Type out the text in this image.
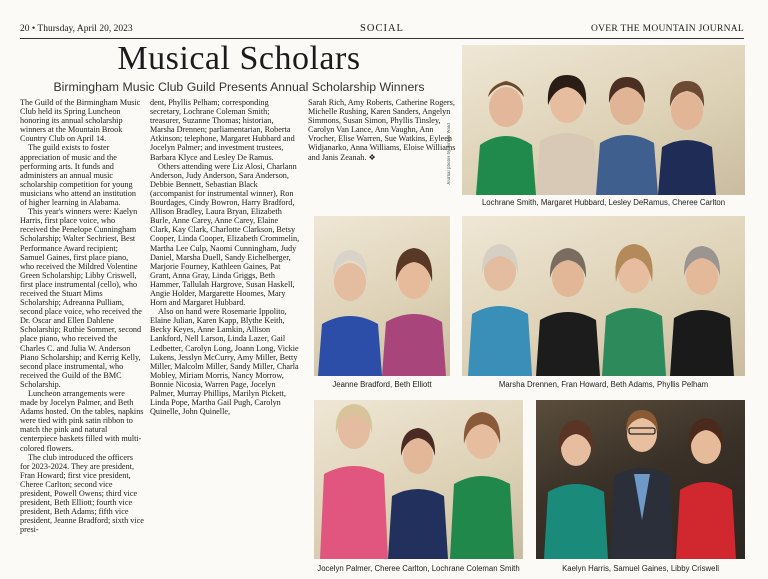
20 • Thursday, April 20, 2023	SOCIAL	OVER THE MOUNTAIN JOURNAL
Musical Scholars
Birmingham Music Club Guild Presents Annual Scholarship Winners

The Guild of the Birmingham Music Club held its Spring Luncheon honoring its annual scholarship winners at the Mountain Brook Country Club on April 14.

The guild exists to foster appreciation of music and the performing arts. It funds and administers an annual music scholarship competition for young musicians who attend an institution of higher learning in Alabama.

This year's winners were: Kaelyn Harris, first place voice, who received the Penelope Cunningham Scholarship; Walter Sechriest, Best Performance Award recipient; Samuel Gaines, first place piano, who received the Mildred Volentine Green Scholarship; Libby Criswell, first place instrumental (cello), who received the Stuart Mims Scholarship; Adreanna Pulliam, second place voice, who received the Dr. Oscar and Ellen Dahlene Scholarship; Ruthie Sommer, second place piano, who received the Charles C. and Julia W. Anderson Piano Scholarship; and Kerrig Kelly, second place instrumental, who received the Guild of the BMC Scholarship.

Luncheon arrangements were made by Jocelyn Palmer, and Beth Adams hosted. On the tables, napkins were tied with pink satin ribbon to match the pink and natural centerpiece baskets filled with multi-colored flowers.

The club introduced the officers for 2023-2024. They are president, Fran Howard; first vice president, Cheree Carlton; second vice president, Powell Owens; third vice president, Beth Elliott; fourth vice president, Beth Adams; fifth vice president, Jeanne Bradford; sixth vice presi-

dent, Phyllis Pelham; corresponding secretary, Lochrane Coleman Smith; treasurer, Suzanne Thomas; historian, Marsha Drennen; parliamentarian, Roberta Atkinson; telephone, Margaret Hubbard and Jocelyn Palmer; and investment trustees, Barbara Klyce and Lesley De Ramus.

Others attending were Liz Alosi, Charlann Anderson, Judy Anderson, Sara Anderson, Debbie Bennett, Sebastian Black (accompanist for instrumental winner), Ron Bourdages, Cindy Bowron, Harry Bradford, Allison Bradley, Laura Bryan, Elizabeth Burle, Anne Carey, Anne Carey, Elaine Clark, Kay Clark, Charlotte Clarkson, Betsy Cooper, Linda Cooper, Elizabeth Crommelin, Martha Lee Culp, Naomi Cunningham, Judy Daniel, Marsha Duell, Sandy Eichelberger, Marjorie Fourney, Kathleen Gaines, Pat Grant, Anna Gray, Linda Griggs, Beth Hammer, Tallulah Hargrove, Susan Haskell, Angie Holder, Margarette Hoomes, Mary Horn and Margaret Hubbard.

Also on hand were Rosemarie Ippolito, Elaine Julian, Karen Kapp, Blythe Keith, Becky Keyes, Anne Lamkin, Allison Lankford, Nell Larson, Linda Lazer, Gail Ledbetter, Carolyn Long, Joann Long, Vickie Lukens, Jesslyn McCurry, Amy Miller, Betty Miller, Malcolm Miller, Sandy Miller, Charla Mobley, Miriam Morris, Nancy Morrow, Bonnie Nicosia, Warren Page, Jocelyn Palmer, Murray Phillips, Marilyn Pickett, Linda Pope, Martha Gail Pugh, Carolyn Quinelle, John Quinelle,

Sarah Rich, Amy Roberts, Catherine Rogers, Michelle Rushing, Karen Sanders, Angelyn Simmons, Susan Simon, Phyllis Tinsley, Carolyn Van Lance, Ann Vaughn, Ann Vrocher, Elise Warren, Sue Watkins, Eyleen Widjanarko, Anna Williams, Eloise Williams and Janis Zeanah. ❖	Journal photos by Jordan Wald
Lochrane Smith, Margaret Hubbard, Lesley DeRamus, Cheree Carlton
Jeanne Bradford, Beth Elliott	Marsha Drennen, Fran Howard, Beth Adams, Phyllis Pelham
Jocelyn Palmer, Cheree Carlton, Lochrane Coleman Smith	Kaelyn Harris, Samuel Gaines, Libby Criswell
